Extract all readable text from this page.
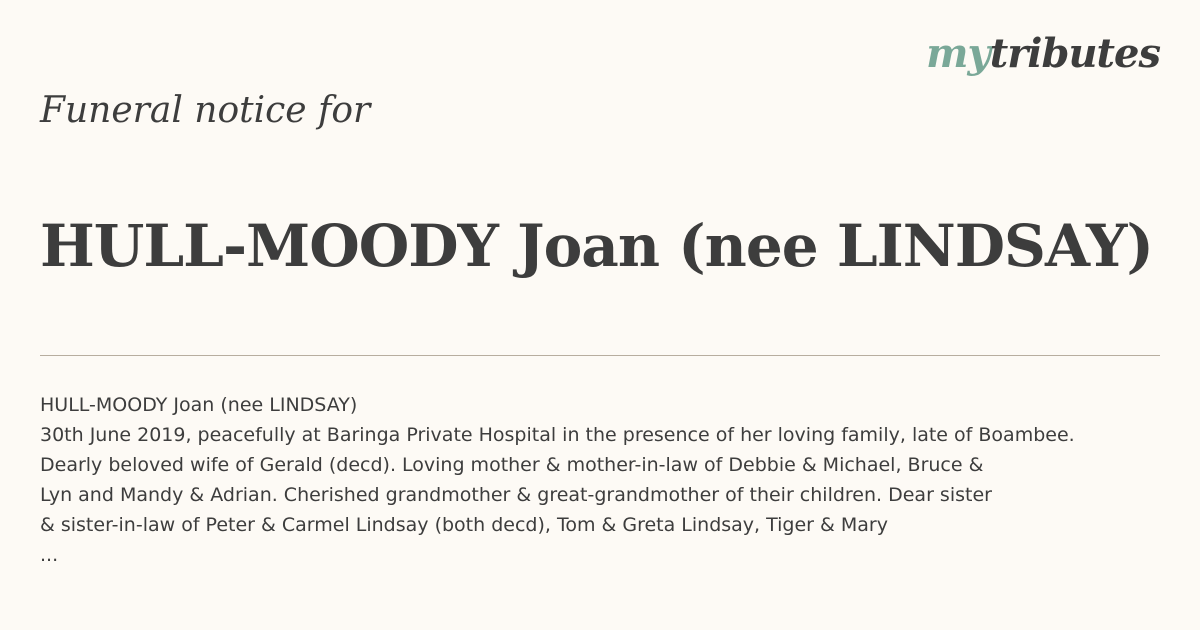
mytributes
Funeral notice for
HULL-MOODY Joan (nee LINDSAY)
HULL-MOODY Joan (nee LINDSAY)
30th June 2019, peacefully at Baringa Private Hospital in the presence of her loving family, late of Boambee.
Dearly beloved wife of Gerald (decd). Loving mother & mother-in-law of Debbie & Michael, Bruce &
Lyn and Mandy & Adrian. Cherished grandmother & great-grandmother of their children. Dear sister
& sister-in-law of Peter & Carmel Lindsay (both decd), Tom & Greta Lindsay, Tiger & Mary
...
